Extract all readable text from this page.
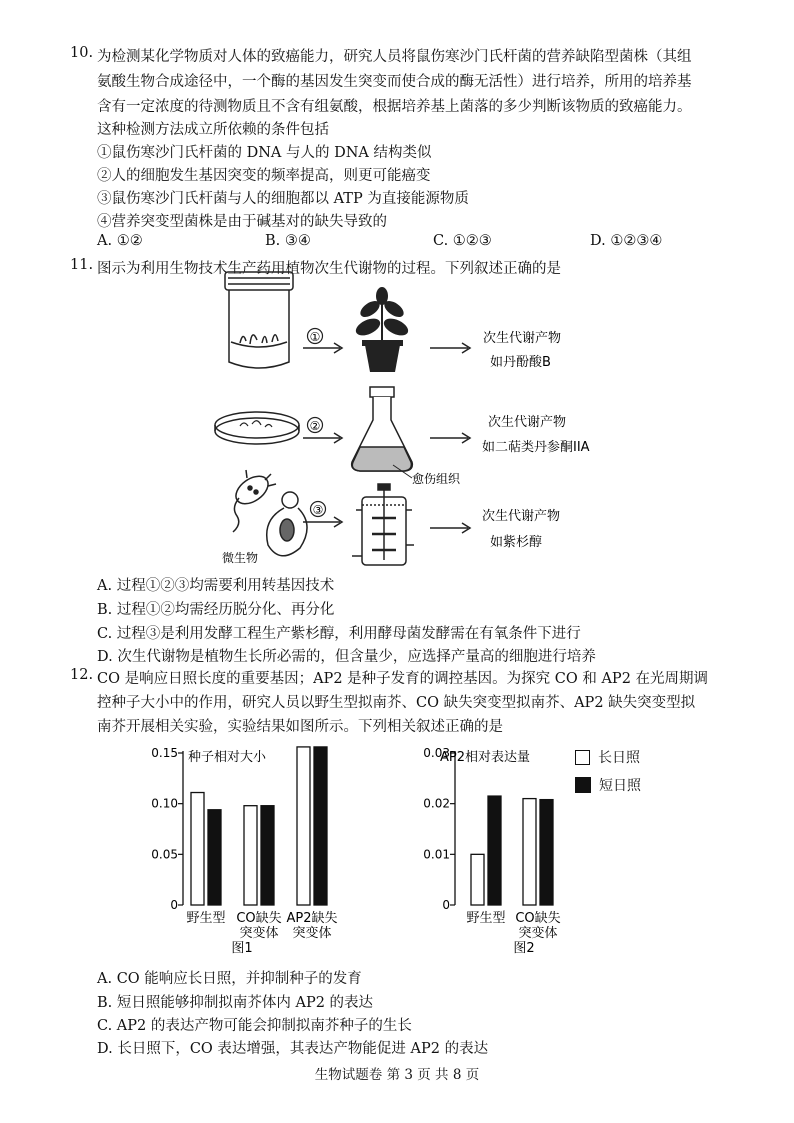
10. 为检测某化学物质对人体的致癌能力，研究人员将鼠伤寒沙门氏杆菌的营养缺陷型菌株（其组
氨酸生物合成途径中，一个酶的基因发生突变而使合成的酶无活性）进行培养，所用的培养基
含有一定浓度的待测物质且不含有组氨酸，根据培养基上菌落的多少判断该物质的致癌能力。
这种检测方法成立所依赖的条件包括
①鼠伤寒沙门氏杆菌的 DNA 与人的 DNA 结构类似
②人的细胞发生基因突变的频率提高，则更可能癌变
③鼠伤寒沙门氏杆菌与人的细胞都以 ATP 为直接能源物质
④营养突变型菌株是由于碱基对的缺失导致的
A. ①②	B. ③④	C. ①②③	D. ①②③④
11. 图示为利用生物技术生产药用植物次生代谢物的过程。下列叙述正确的是
①	次生代谢产物
如丹酚酸B
②	次生代谢产物
如二萜类丹参酮IIA
愈伤组织
微生物
③	次生代谢产物
如紫杉醇
A. 过程①②③均需要利用转基因技术
B. 过程①②均需经历脱分化、再分化
C. 过程③是利用发酵工程生产紫杉醇，利用酵母菌发酵需在有氧条件下进行
D. 次生代谢物是植物生长所必需的，但含量少，应选择产量高的细胞进行培养
12. CO 是响应日照长度的重要基因；AP2 是种子发育的调控基因。为探究 CO 和 AP2 在光周期调
控种子大小中的作用，研究人员以野生型拟南芥、CO 缺失突变型拟南芥、AP2 缺失突变型拟
南芥开展相关实验，实验结果如图所示。下列相关叙述正确的是
0
0.05
0.10
0.15 种子相对大小
野生型 CO缺失
突变体
AP2缺失
突变体
图1
0
0.01
0.02
0.03
AP2相对表达量
野生型 CO缺失
突变体
图2
长日照
短日照
A. CO 能响应长日照，并抑制种子的发育
B. 短日照能够抑制拟南芥体内 AP2 的表达
C. AP2 的表达产物可能会抑制拟南芥种子的生长
D. 长日照下，CO 表达增强，其表达产物能促进 AP2 的表达
生物试题卷 第 3 页 共 8 页
